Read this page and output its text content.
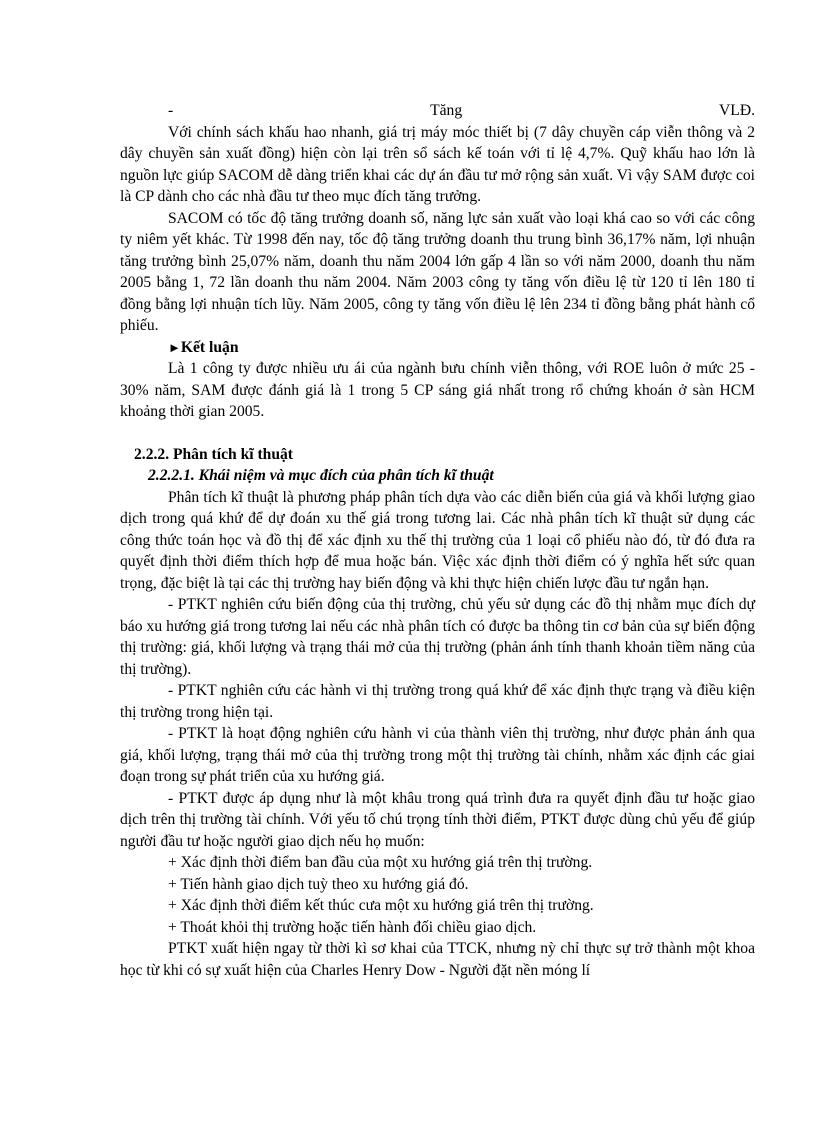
-	Tăng	VLĐ.

Với chính sách khấu hao nhanh, giá trị máy móc thiết bị (7 dây chuyền cáp viễn thông và 2 dây chuyền sản xuất đồng) hiện còn lại trên sổ sách kế toán với tỉ lệ 4,7%. Quỹ khấu hao lớn là nguồn lực giúp SACOM dễ dàng triển khai các dự án đầu tư mở rộng sản xuất. Vì vậy SAM được coi là CP dành cho các nhà đầu tư theo mục đích tăng trưởng.

SACOM có tốc độ tăng trưởng doanh số, năng lực sản xuất vào loại khá cao so với các công ty niêm yết khác. Từ 1998 đến nay, tốc độ tăng trưởng doanh thu trung bình 36,17% năm, lợi nhuận tăng trưởng bình 25,07% năm, doanh thu năm 2004 lớn gấp 4 lần so với năm 2000, doanh thu năm 2005 bằng 1, 72 lần doanh thu năm 2004. Năm 2003 công ty tăng vốn điều lệ từ 120 tỉ lên 180 tỉ đồng bằng lợi nhuận tích lũy. Năm 2005, công ty tăng vốn điều lệ lên 234 tỉ đồng bằng phát hành cổ phiếu.

►Kết luận

Là 1 công ty được nhiều ưu ái của ngành bưu chính viễn thông, với ROE luôn ở mức 25 - 30% năm, SAM được đánh giá là 1 trong 5 CP sáng giá nhất trong rổ chứng khoán ở sàn HCM khoảng thời gian 2005.

2.2.2. Phân tích kĩ thuật

2.2.2.1. Khái niệm và mục đích của phân tích kĩ thuật

Phân tích kĩ thuật là phương pháp phân tích dựa vào các diễn biến của giá và khối lượng giao dịch trong quá khứ để dự đoán xu thế giá trong tương lai. Các nhà phân tích kĩ thuật sử dụng các công thức toán học và đồ thị để xác định xu thế thị trường của 1 loại cổ phiếu nào đó, từ đó đưa ra quyết định thời điểm thích hợp để mua hoặc bán. Việc xác định thời điểm có ý nghĩa hết sức quan trọng, đặc biệt là tại các thị trường hay biến động và khi thực hiện chiến lược đầu tư ngắn hạn.

- PTKT nghiên cứu biến động của thị trường, chủ yếu sử dụng các đồ thị nhằm mục đích dự báo xu hướng giá trong tương lai nếu các nhà phân tích có được ba thông tin cơ bản của sự biến động thị trường: giá, khối lượng và trạng thái mở của thị trường (phản ánh tính thanh khoản tiềm năng của thị trường).

- PTKT nghiên cứu các hành vi thị trường trong quá khứ để xác định thực trạng và điều kiện thị trường trong hiện tại.

- PTKT là hoạt động nghiên cứu hành vi của thành viên thị trường, như được phản ánh qua giá, khối lượng, trạng thái mở của thị trường trong một thị trường tài chính, nhằm xác định các giai đoạn trong sự phát triển của xu hướng giá.

- PTKT được áp dụng như là một khâu trong quá trình đưa ra quyết định đầu tư hoặc giao dịch trên thị trường tài chính. Với yếu tố chú trọng tính thời điểm, PTKT được dùng chủ yếu để giúp người đầu tư hoặc người giao dịch nếu họ muốn:

+ Xác định thời điểm ban đầu của một xu hướng giá trên thị trường.

+ Tiến hành giao dịch tuỳ theo xu hướng giá đó.

+ Xác định thời điểm kết thúc cưa một xu hướng giá trên thị trường.

+ Thoát khỏi thị trường hoặc tiến hành đối chiều giao dịch.

PTKT xuất hiện ngay từ thời kì sơ khai của TTCK, nhưng nỳ chỉ thực sự trở thành một khoa học từ khi có sự xuất hiện của Charles Henry Dow - Người đặt nền móng lí
